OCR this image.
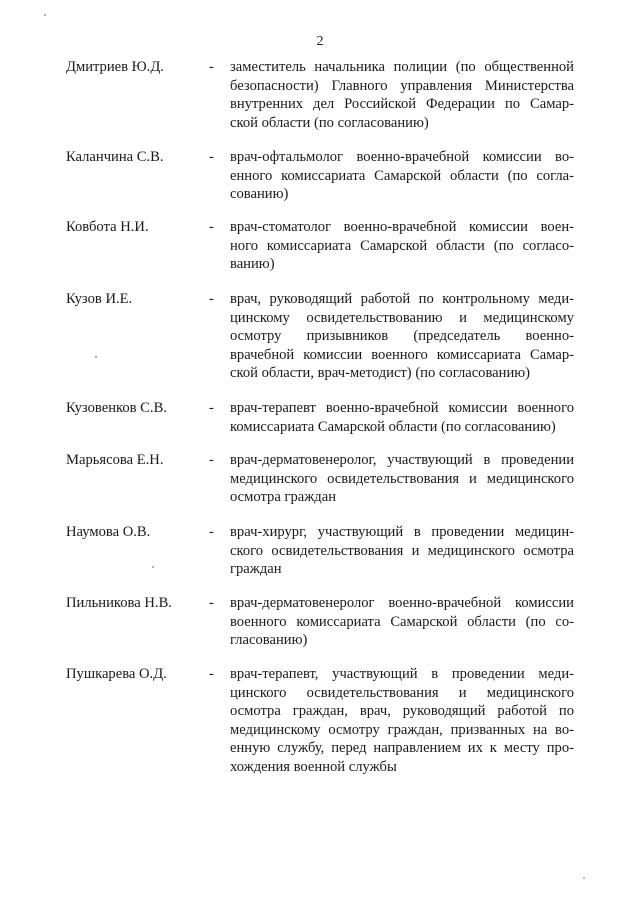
2
Дмитриев Ю.Д.	- заместитель начальника полиции (по общественной
безопасности) Главного управления Министерства
внутренних дел Российской Федерации по Самар-
ской области (по согласованию)
Каланчина С.В.	- врач-офтальмолог военно-врачебной комиссии во-
енного комиссариата Самарской области (по согла-
сованию)
Ковбота Н.И.	- врач-стоматолог военно-врачебной комиссии воен-
ного комиссариата Самарской области (по согласо-
ванию)
Кузов И.Е.	- врач, руководящий работой по контрольному меди-
цинскому освидетельствованию и медицинскому
осмотру призывников (председатель военно-
врачебной комиссии военного комиссариата Самар-
ской области, врач-методист) (по согласованию)
Кузовенков С.В.	- врач-терапевт военно-врачебной комиссии военного
комиссариата Самарской области (по согласованию)
Марьясова Е.Н.	- врач-дерматовенеролог, участвующий в проведении
медицинского освидетельствования и медицинского
осмотра граждан
Наумова О.В.	- врач-хирург, участвующий в проведении медицин-
ского освидетельствования и медицинского осмотра
граждан
Пильникова Н.В.	- врач-дерматовенеролог военно-врачебной комиссии
военного комиссариата Самарской области (по со-
гласованию)
Пушкарева О.Д.	- врач-терапевт, участвующий в проведении меди-
цинского освидетельствования и медицинского
осмотра граждан, врач, руководящий работой по
медицинскому осмотру граждан, призванных на во-
енную службу, перед направлением их к месту про-
хождения военной службы
